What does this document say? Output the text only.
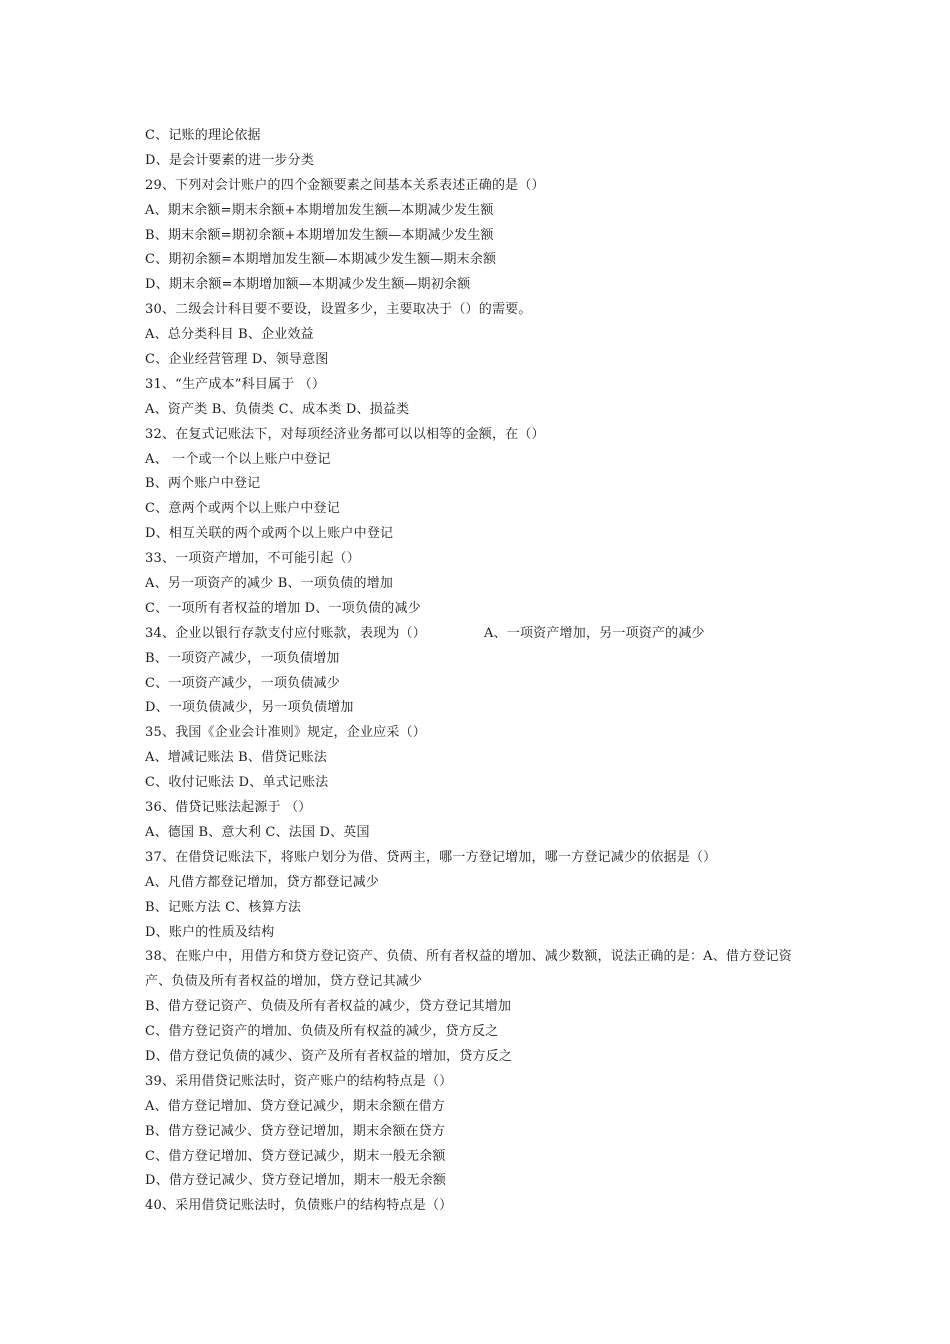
C、记账的理论依据
D、是会计要素的进一步分类
29、下列对会计账户的四个金额要素之间基本关系表述正确的是（）
A、期末余额=期末余额+本期增加发生额—本期减少发生额
B、期末余额=期初余额+本期增加发生额—本期减少发生额
C、期初余额=本期增加发生额—本期减少发生额—期末余额
D、期末余额=本期增加额—本期减少发生额—期初余额
30、二级会计科目要不要设，设置多少，主要取决于（）的需要。
A、总分类科目 B、企业效益
C、企业经营管理 D、领导意图
31、“生产成本”科目属于 （）
A、资产类 B、负债类 C、成本类 D、损益类
32、在复式记账法下，对每项经济业务都可以以相等的金额，在（）
A、 一个或一个以上账户中登记
B、两个账户中登记
C、意两个或两个以上账户中登记
D、相互关联的两个或两个以上账户中登记
33、一项资产增加，不可能引起（）
A、另一项资产的减少 B、一项负债的增加
C、一项所有者权益的增加 D、一项负债的减少
34、企业以银行存款支付应付账款，表现为（）	A、一项资产增加，另一项资产的减少
B、一项资产减少，一项负债增加
C、一项资产减少，一项负债减少
D、一项负债减少，另一项负债增加
35、我国《企业会计准则》规定，企业应采（）
A、增减记账法 B、借贷记账法
C、收付记账法 D、单式记账法
36、借贷记账法起源于 （）
A、德国 B、意大利 C、法国 D、英国
37、在借贷记账法下，将账户划分为借、贷两主，哪一方登记增加，哪一方登记减少的依据是（）
A、凡借方都登记增加，贷方都登记减少
B、记账方法 C、核算方法
D、账户的性质及结构
38、在账户中，用借方和贷方登记资产、负债、所有者权益的增加、减少数额，说法正确的是：A、借方登记资
产、负债及所有者权益的增加，贷方登记其减少
B、借方登记资产、负债及所有者权益的减少，贷方登记其增加
C、借方登记资产的增加、负债及所有权益的减少，贷方反之
D、借方登记负债的减少、资产及所有者权益的增加，贷方反之
39、采用借贷记账法时，资产账户的结构特点是（）
A、借方登记增加、贷方登记减少，期末余额在借方
B、借方登记减少、贷方登记增加，期末余额在贷方
C、借方登记增加、贷方登记减少，期末一般无余额
D、借方登记减少、贷方登记增加，期末一般无余额
40、采用借贷记账法时，负债账户的结构特点是（）
